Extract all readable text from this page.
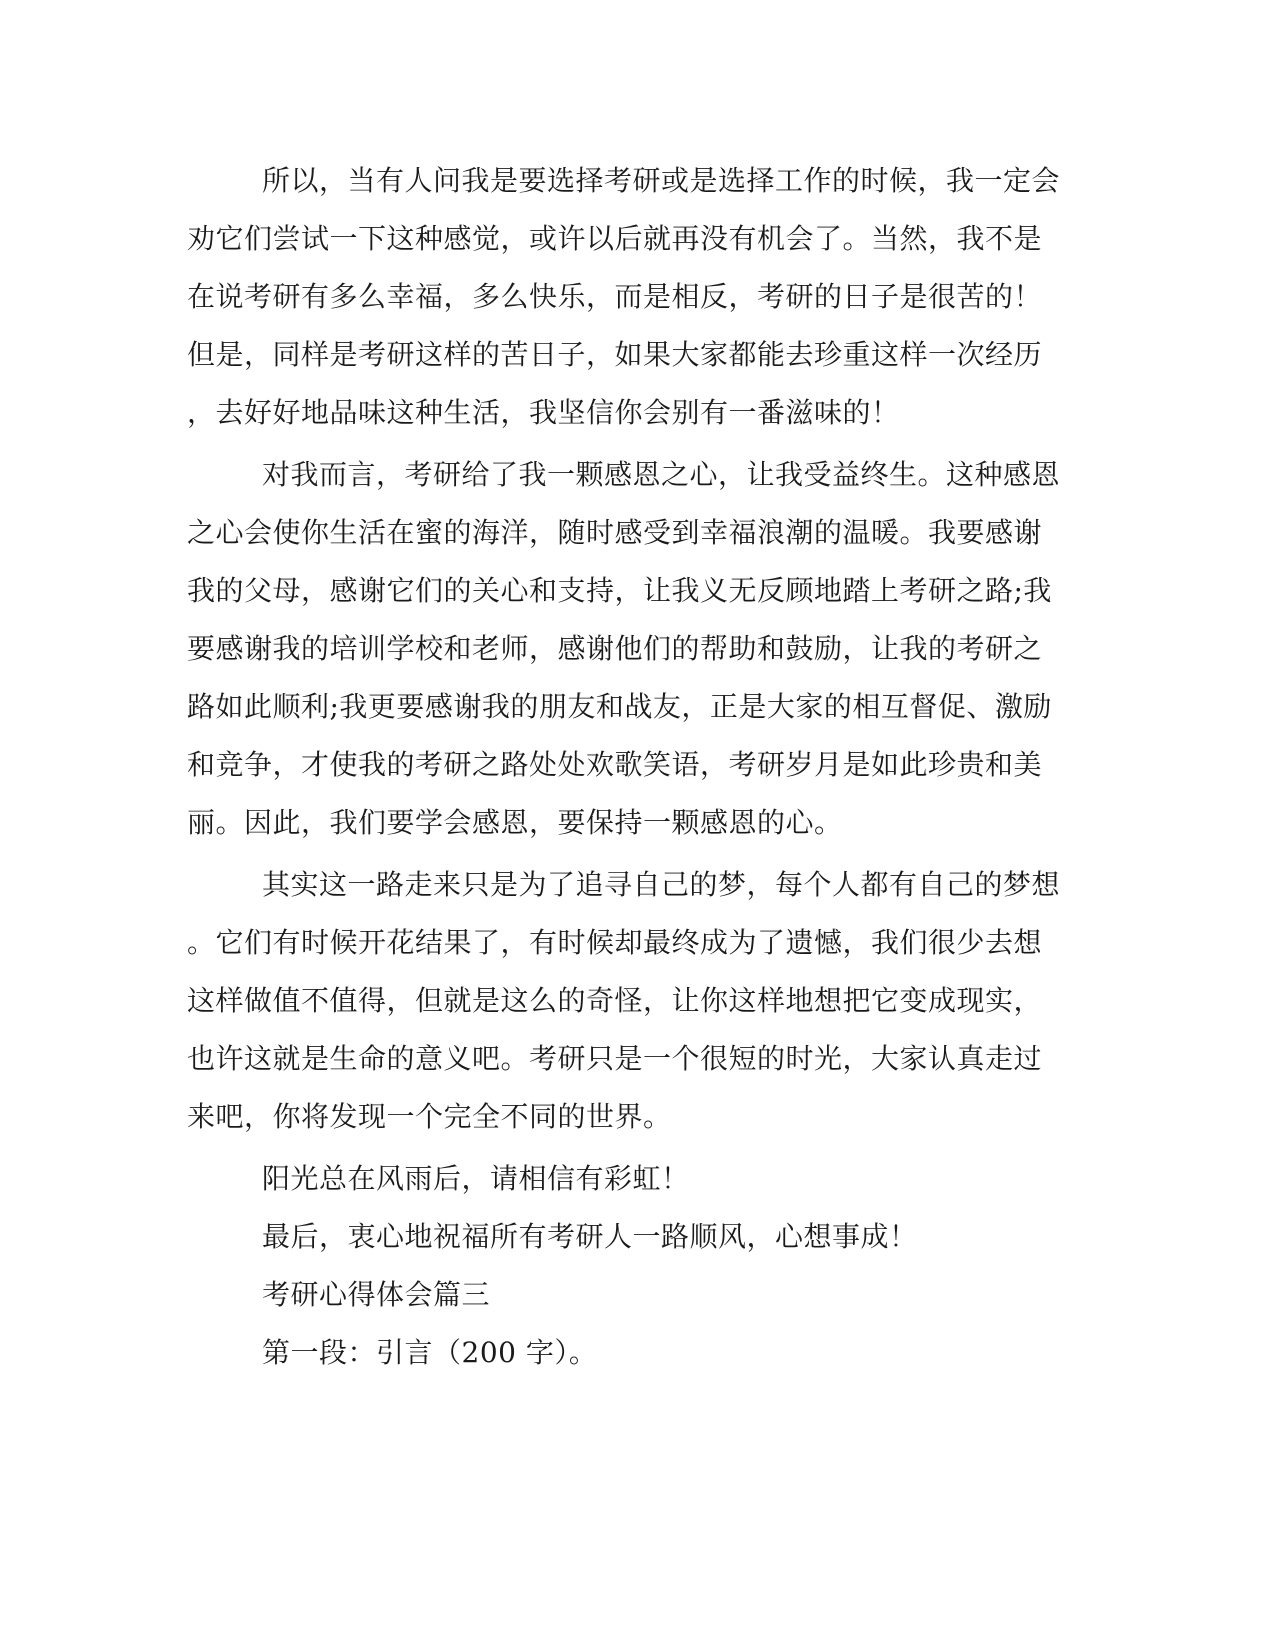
所以，当有人问我是要选择考研或是选择工作的时候，我一定会
劝它们尝试一下这种感觉，或许以后就再没有机会了。当然，我不是
在说考研有多么幸福，多么快乐，而是相反，考研的日子是很苦的！
但是，同样是考研这样的苦日子，如果大家都能去珍重这样一次经历
，去好好地品味这种生活，我坚信你会别有一番滋味的！
对我而言，考研给了我一颗感恩之心，让我受益终生。这种感恩
之心会使你生活在蜜的海洋，随时感受到幸福浪潮的温暖。我要感谢
我的父母，感谢它们的关心和支持，让我义无反顾地踏上考研之路;我
要感谢我的培训学校和老师，感谢他们的帮助和鼓励，让我的考研之
路如此顺利;我更要感谢我的朋友和战友，正是大家的相互督促、激励
和竞争，才使我的考研之路处处欢歌笑语，考研岁月是如此珍贵和美
丽。因此，我们要学会感恩，要保持一颗感恩的心。
其实这一路走来只是为了追寻自己的梦，每个人都有自己的梦想
。它们有时候开花结果了，有时候却最终成为了遗憾，我们很少去想
这样做值不值得，但就是这么的奇怪，让你这样地想把它变成现实，
也许这就是生命的意义吧。考研只是一个很短的时光，大家认真走过
来吧，你将发现一个完全不同的世界。
阳光总在风雨后，请相信有彩虹！
最后，衷心地祝福所有考研人一路顺风，心想事成！
考研心得体会篇三
第一段：引言（200 字）。
